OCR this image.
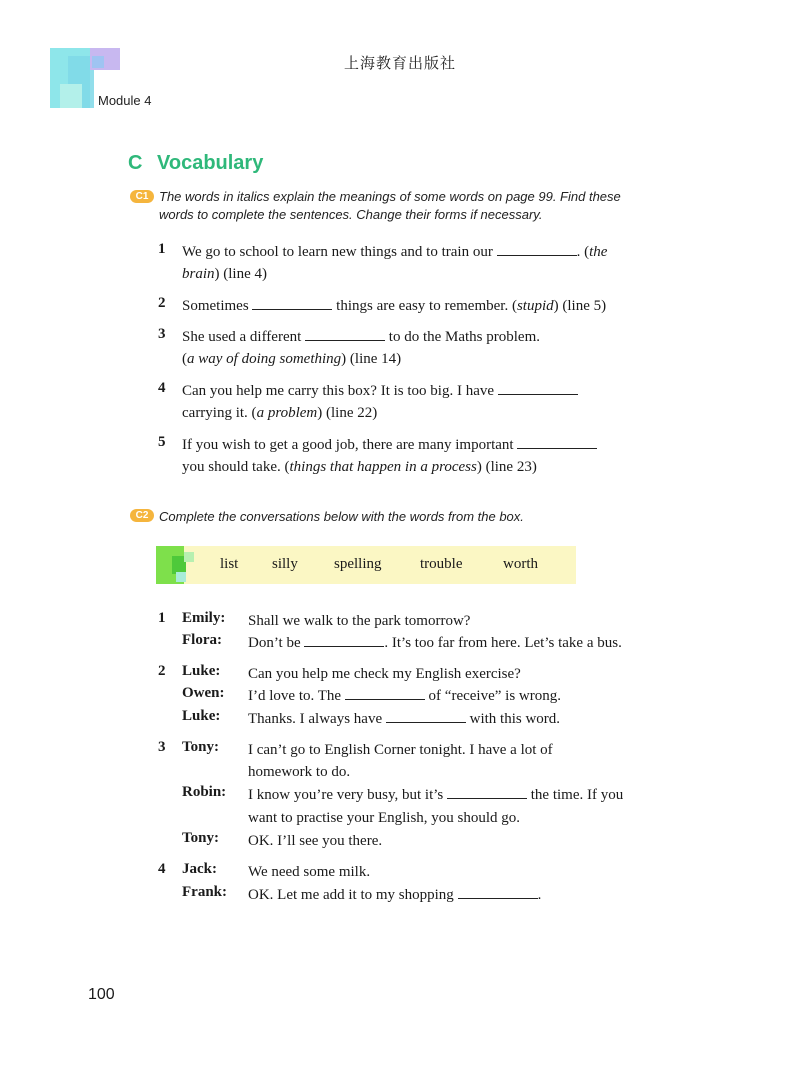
上海教育出版社
Module 4
C Vocabulary
C1 The words in italics explain the meanings of some words on page 99. Find these
words to complete the sentences. Change their forms if necessary.
1 We go to school to learn new things and to train our	. (the
brain) (line 4)
2 Sometimes	things are easy to remember. (stupid) (line 5)
3 She used a different	to do the Maths problem.
(a way of doing something) (line 14)
4 Can you help me carry this box? It is too big. I have
carrying it. (a problem) (line 22)
5 If you wish to get a good job, there are many important
you should take. (things that happen in a process) (line 23)
C2 Complete the conversations below with the words from the box.
list silly spelling	trouble	worth
1 Emily: Shall we walk to the park tomorrow?
Flora: Don’t be	. It’s too far from here. Let’s take a bus.
2 Luke: Can you help me check my English exercise?
Owen: I’d love to. The	of “receive” is wrong.
Luke: Thanks. I always have	with this word.
3 Tony: I can’t go to English Corner tonight. I have a lot of
homework to do.
Robin: I know you’re very busy, but it’s	the time. If you
want to practise your English, you should go.
Tony: OK. I’ll see you there.
4 Jack: We need some milk.
Frank: OK. Let me add it to my shopping	.
100
